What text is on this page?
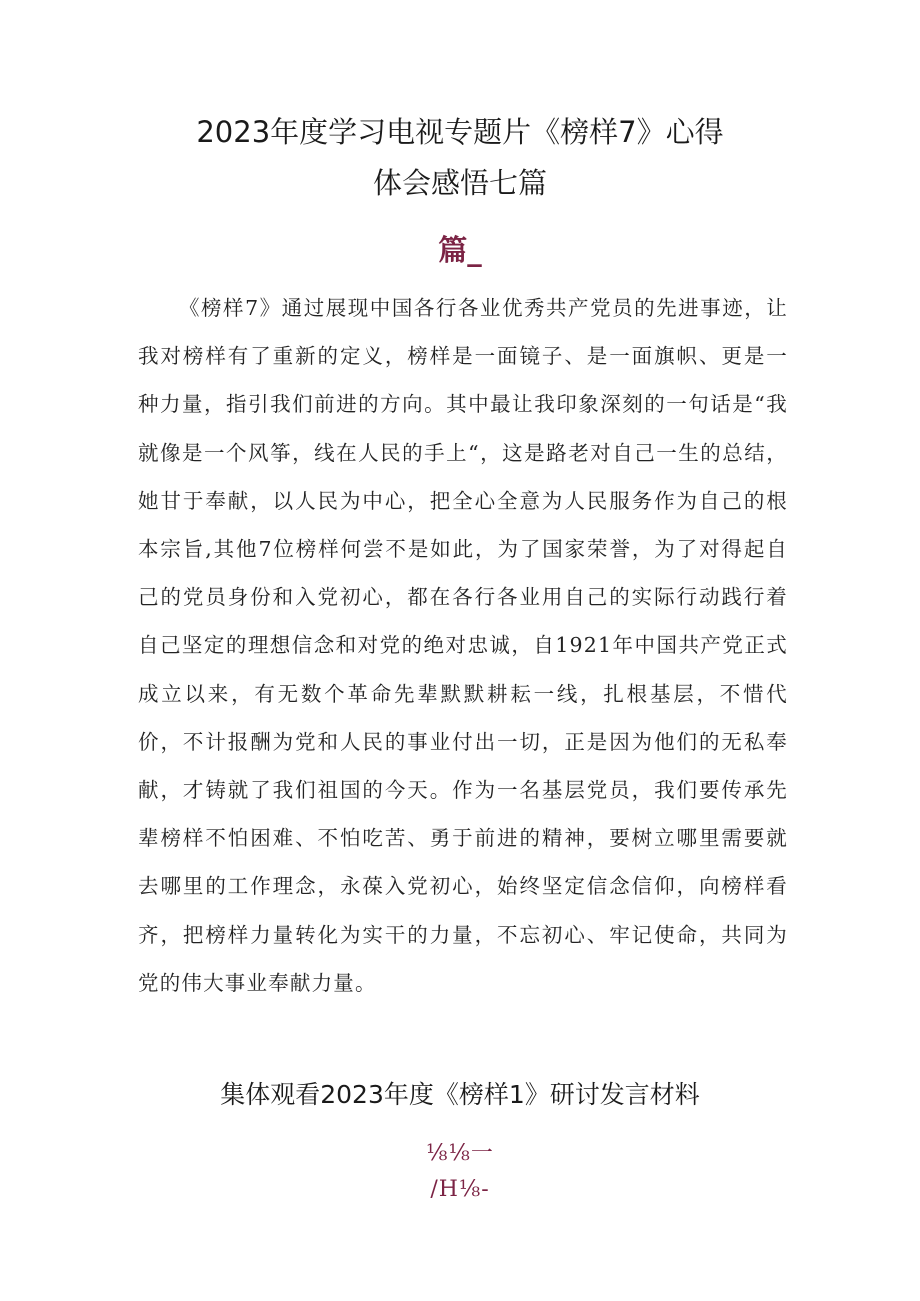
2023年度学习电视专题片《榜样7》心得
体会感悟七篇
篇_

《榜样7》通过展现中国各行各业优秀共产党员的先进事迹，让我对榜样有了重新的定义，榜样是一面镜子、是一面旗帜、更是一种力量，指引我们前进的方向。其中最让我印象深刻的一句话是“我就像是一个风筝，线在人民的手上“，这是路老对自己一生的总结，她甘于奉献，以人民为中心，把全心全意为人民服务作为自己的根本宗旨,其他7位榜样何尝不是如此，为了国家荣誉，为了对得起自己的党员身份和入党初心，都在各行各业用自己的实际行动践行着自己坚定的理想信念和对党的绝对忠诚，自1921年中国共产党正式成立以来，有无数个革命先辈默默耕耘一线，扎根基层，不惜代价，不计报酬为党和人民的事业付出一切，正是因为他们的无私奉献，才铸就了我们祖国的今天。作为一名基层党员，我们要传承先辈榜样不怕困难、不怕吃苦、勇于前进的精神，要树立哪里需要就去哪里的工作理念，永葆入党初心，始终坚定信念信仰，向榜样看齐，把榜样力量转化为实干的力量，不忘初心、牢记使命，共同为党的伟大事业奉献力量。

集体观看2023年度《榜样1》研讨发言材料
⅛⅛一
/H⅛-
